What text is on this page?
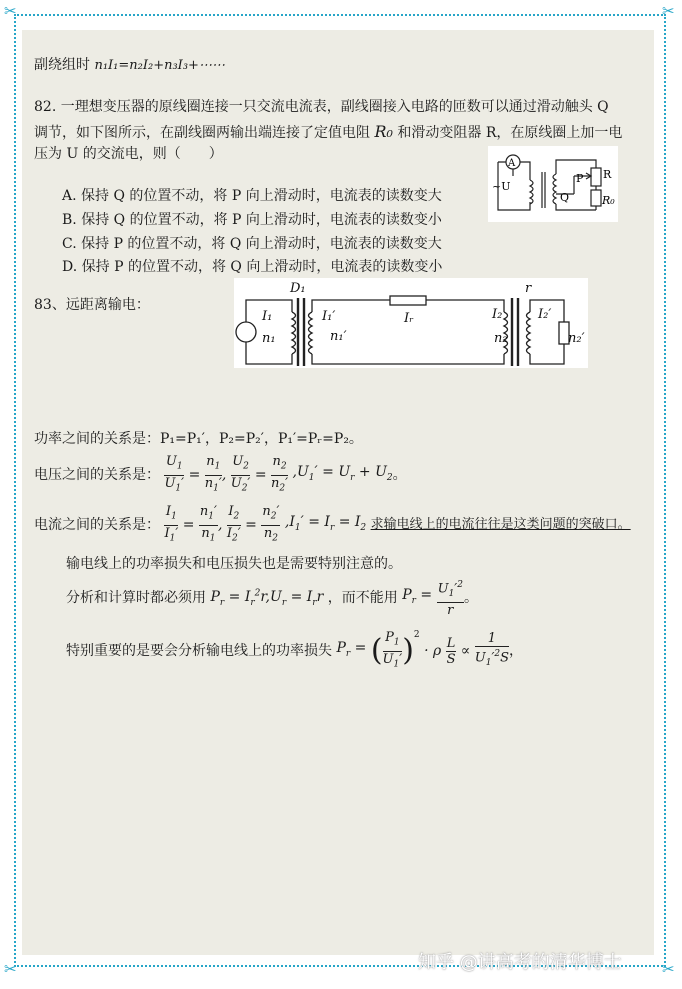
✂	✂
✂	✂
副绕组时 n₁I₁=n₂I₂+n₃I₃+⋯⋯
82. 一理想变压器的原线圈连接一只交流电流表，副线圈接入电路的匝数可以通过滑动触头 Q
调节，如下图所示，在副线圈两输出端连接了定值电阻 R₀ 和滑动变阻器 R，在原线圈上加一电
压为 U 的交流电，则（　　）
A. 保持 Q 的位置不动，将 P 向上滑动时，电流表的读数变大
B. 保持 Q 的位置不动，将 P 向上滑动时，电流表的读数变小
C. 保持 P 的位置不动，将 Q 向上滑动时，电流表的读数变大
D. 保持 P 的位置不动，将 Q 向上滑动时，电流表的读数变小
A
~U
P
Q
R
R₀
83、远距离输电：
D₁	r
I₁
n₁
I₁′
n₁′
Iᵣ	I₂
n₂
I₂′
n₂′
功率之间的关系是：P₁=P₁′，P₂=P₂′，P₁′=Pᵣ=P₂。
电压之间的关系是： $\frac{U_1}{U_1'} = \frac{n_1}{n_1'}$ , $\frac{U_2}{U_2'} = \frac{n_2}{n_2'} ,U_1' = U_r + U_2$。
电流之间的关系是： $\frac{I_1}{I_1'} = \frac{n_1'}{n_1}$ , $\frac{I_2}{I_2'} = \frac{n_2'}{n_2} ,I_1' = I_r = I_2$ 求输电线上的电流往往是这类问题的突破口。
输电线上的功率损失和电压损失也是需要特别注意的。
分析和计算时都必须用 $P_r = I_r^2r,U_r = I_rr$ ，而不能用 $P_r = \frac{U_1'^2}{r}$ 。
特别重要的是要会分析输电线上的功率损失 $P_r$ = ( $\frac{P_1}{U_1'} )^2 \cdot \rho \frac{L}{S} \propto \frac{1}{U_1'^2S}$ ，
知乎 @讲高考的清华博士
